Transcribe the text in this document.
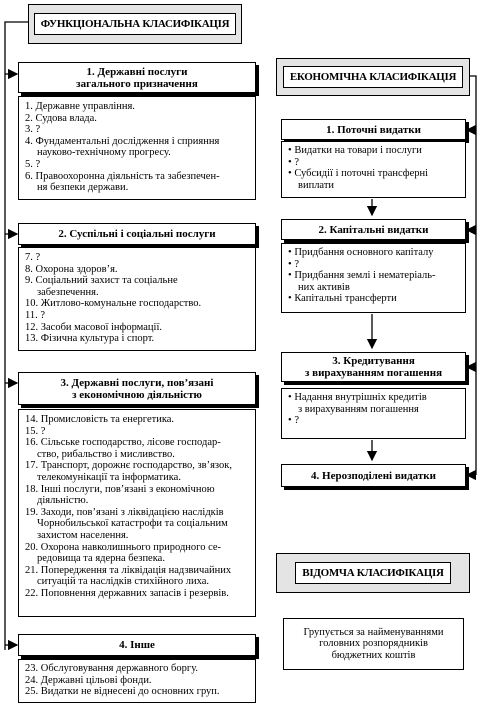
ФУНКЦІОНАЛЬНА КЛАСИФІКАЦІЯ
1. Державні послуги
загального призначення
1. Державне управління.
2. Судова влада.
3. ?
4. Фундаментальні дослідження і сприяння
науково-технічному прогресу.
5. ?
6. Правоохоронна діяльність та забезпечен-
ня безпеки держави.
2. Суспільні і соціальні послуги
7. ?
8. Охорона здоров’я.
9. Соціальний захист та соціальне
забезпечення.
10. Житлово-комунальне господарство.
11. ?
12. Засоби масової інформації.
13. Фізична культура і спорт.
3. Державні послуги, пов’язані
з економічною діяльністю
14. Промисловість та енергетика.
15. ?
16. Сільське господарство, лісове господар-
ство, рибальство і мисливство.
17. Транспорт, дорожнє господарство, зв’язок,
телекомунікації та інформатика.
18. Інші послуги, пов’язані з економічною
діяльністю.
19. Заходи, пов’язані з ліквідацією наслідків
Чорнобильської катастрофи та соціальним
захистом населення.
20. Охорона навколишнього природного се-
редовища та ядерна безпека.
21. Попередження та ліквідація надзвичайних
ситуацій та наслідків стихійного лиха.
22. Поповнення державних запасів і резервів.
4. Інше
23. Обслуговування державного боргу.
24. Державні цільові фонди.
25. Видатки не віднесені до основних груп.
ЕКОНОМІЧНА КЛАСИФІКАЦІЯ
1. Поточні видатки
• Видатки на товари і послуги
• ?
• Субсидії і поточні трансферні
виплати
2. Капітальні видатки
• Придбання основного капіталу
• ?
• Придбання землі і нематеріаль-
них активів
• Капітальні трансферти
3. Кредитування
з вирахуванням погашення
• Надання внутрішніх кредитів
з вирахуванням погашення
• ?
4. Нерозподілені видатки
ВІДОМЧА КЛАСИФІКАЦІЯ
Групується за найменуваннями
головних розпорядників
бюджетних коштів
